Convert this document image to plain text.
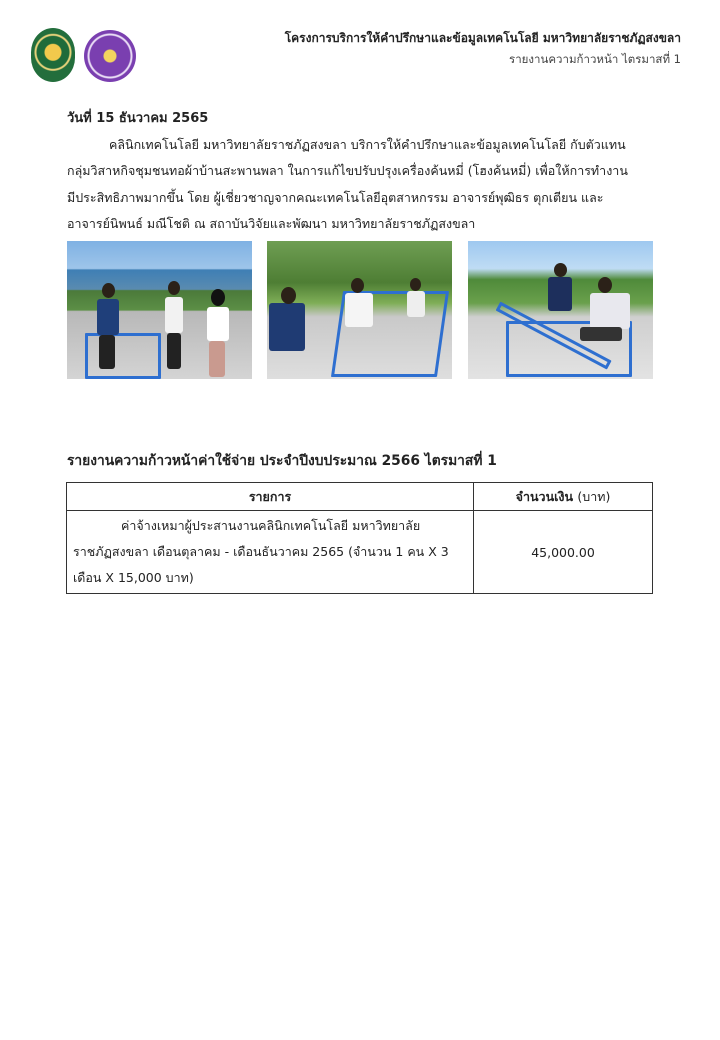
โครงการบริการให้คำปรึกษาและข้อมูลเทคโนโลยี มหาวิทยาลัยราชภัฏสงขลา
รายงานความก้าวหน้า ไตรมาสที่ 1
วันที่ 15 ธันวาคม 2565
คลินิกเทคโนโลยี มหาวิทยาลัยราชภัฏสงขลา บริการให้คำปรึกษาและข้อมูลเทคโนโลยี กับตัวแทน
กลุ่มวิสาหกิจชุมชนทอผ้าบ้านสะพานพลา ในการแก้ไขปรับปรุงเครื่องค้นหมี่ (โฮงค้นหมี่) เพื่อให้การทำงาน
มีประสิทธิภาพมากขึ้น โดย ผู้เชี่ยวชาญจากคณะเทคโนโลยีอุตสาหกรรม อาจารย์พุฒิธร ตุกเตียน และ
อาจารย์นิพนธ์ มณีโชติ ณ สถาบันวิจัยและพัฒนา มหาวิทยาลัยราชภัฏสงขลา
รายงานความก้าวหน้าค่าใช้จ่าย ประจำปีงบประมาณ 2566 ไตรมาสที่ 1
รายการ	จำนวนเงิน (บาท)

ค่าจ้างเหมาผู้ประสานงานคลินิกเทคโนโลยี มหาวิทยาลัย
ราชภัฏสงขลา เดือนตุลาคม - เดือนธันวาคม 2565 (จำนวน 1 คน X 3
เดือน X 15,000 บาท)	45,000.00
